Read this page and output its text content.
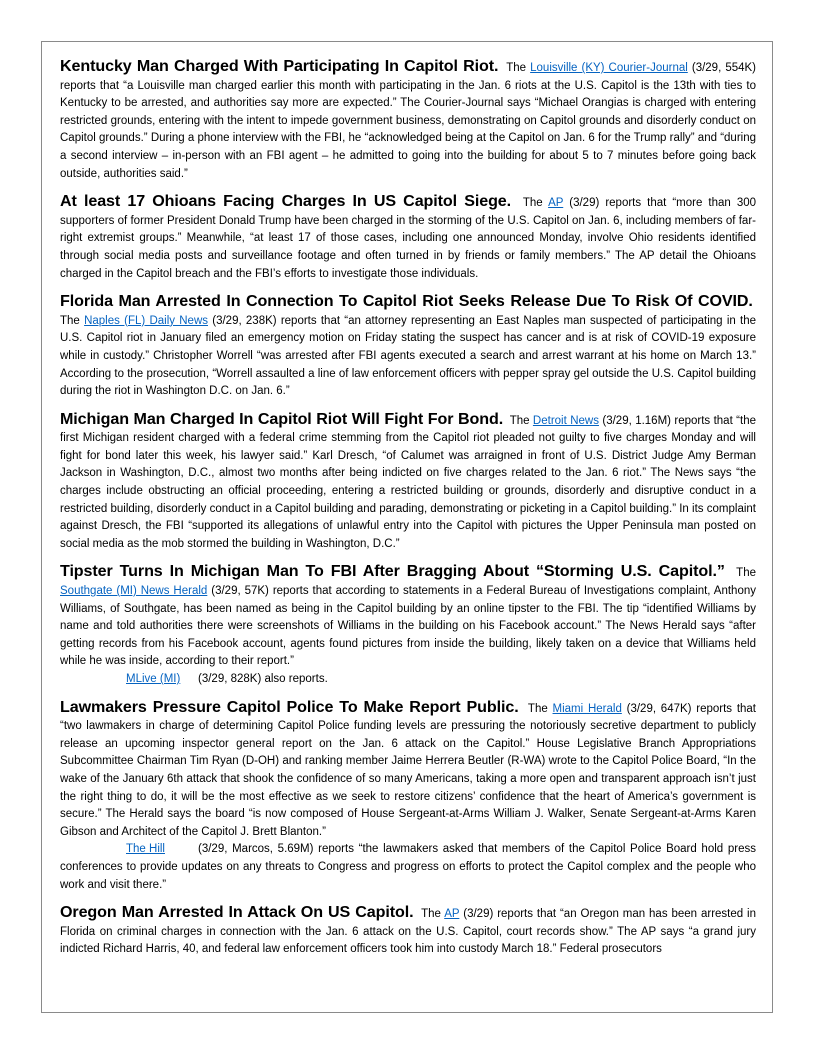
Kentucky Man Charged With Participating In Capitol Riot. The Louisville (KY) Courier-Journal (3/29, 554K) reports that “a Louisville man charged earlier this month with participating in the Jan. 6 riots at the U.S. Capitol is the 13th with ties to Kentucky to be arrested, and authorities say more are expected.” The Courier-Journal says “Michael Orangias is charged with entering restricted grounds, entering with the intent to impede government business, demonstrating on Capitol grounds and disorderly conduct on Capitol grounds.” During a phone interview with the FBI, he “acknowledged being at the Capitol on Jan. 6 for the Trump rally” and “during a second interview – in-person with an FBI agent – he admitted to going into the building for about 5 to 7 minutes before going back outside, authorities said.”

At least 17 Ohioans Facing Charges In US Capitol Siege. The AP (3/29) reports that “more than 300 supporters of former President Donald Trump have been charged in the storming of the U.S. Capitol on Jan. 6, including members of far-right extremist groups.” Meanwhile, “at least 17 of those cases, including one announced Monday, involve Ohio residents identified through social media posts and surveillance footage and often turned in by friends or family members.” The AP detail the Ohioans charged in the Capitol breach and the FBI’s efforts to investigate those individuals.

Florida Man Arrested In Connection To Capitol Riot Seeks Release Due To Risk Of COVID.  The Naples (FL) Daily News (3/29, 238K) reports that “an attorney representing an East Naples man suspected of participating in the U.S. Capitol riot in January filed an emergency motion on Friday stating the suspect has cancer and is at risk of COVID-19 exposure while in custody.” Christopher Worrell “was arrested after FBI agents executed a search and arrest warrant at his home on March 13.” According to the prosecution, “Worrell assaulted a line of law enforcement officers with pepper spray gel outside the U.S. Capitol building during the riot in Washington D.C. on Jan. 6.”

Michigan Man Charged In Capitol Riot Will Fight For Bond. The Detroit News (3/29, 1.16M) reports that “the first Michigan resident charged with a federal crime stemming from the Capitol riot pleaded not guilty to five charges Monday and will fight for bond later this week, his lawyer said.” Karl Dresch, “of Calumet was arraigned in front of U.S. District Judge Amy Berman Jackson in Washington, D.C., almost two months after being indicted on five charges related to the Jan. 6 riot.” The News says “the charges include obstructing an official proceeding, entering a restricted building or grounds, disorderly and disruptive conduct in a restricted building, disorderly conduct in a Capitol building and parading, demonstrating or picketing in a Capitol building.” In its complaint against Dresch, the FBI “supported its allegations of unlawful entry into the Capitol with pictures the Upper Peninsula man posted on social media as the mob stormed the building in Washington, D.C.”

Tipster Turns In Michigan Man To FBI After Bragging About “Storming U.S. Capitol.” The Southgate (MI) News Herald (3/29, 57K) reports that according to statements in a Federal Bureau of Investigations complaint, Anthony Williams, of Southgate, has been named as being in the Capitol building by an online tipster to the FBI. The tip “identified Williams by name and told authorities there were screenshots of Williams in the building on his Facebook account.” The News Herald says “after getting records from his Facebook account, agents found pictures from inside the building, likely taken on a device that Williams held while he was inside, according to their report.”

MLive (MI) (3/29, 828K) also reports.

Lawmakers Pressure Capitol Police To Make Report Public. The Miami Herald (3/29, 647K) reports that “two lawmakers in charge of determining Capitol Police funding levels are pressuring the notoriously secretive department to publicly release an upcoming inspector general report on the Jan. 6 attack on the Capitol.” House Legislative Branch Appropriations Subcommittee Chairman Tim Ryan (D-OH) and ranking member Jaime Herrera Beutler (R-WA) wrote to the Capitol Police Board, “In the wake of the January 6th attack that shook the confidence of so many Americans, taking a more open and transparent approach isn’t just the right thing to do, it will be the most effective as we seek to restore citizens’ confidence that the heart of America’s government is secure.” The Herald says the board “is now composed of House Sergeant-at-Arms William J. Walker, Senate Sergeant-at-Arms Karen Gibson and Architect of the Capitol J. Brett Blanton.”

The Hill	(3/29, Marcos, 5.69M) reports “the lawmakers asked that members of the Capitol Police Board hold press conferences to provide updates on any threats to Congress and progress on efforts to protect the Capitol complex and the people who work and visit there.”

Oregon Man Arrested In Attack On US Capitol. The AP (3/29) reports that “an Oregon man has been arrested in Florida on criminal charges in connection with the Jan. 6 attack on the U.S. Capitol, court records show.” The AP says “a grand jury indicted Richard Harris, 40, and federal law enforcement officers took him into custody March 18.” Federal prosecutors
